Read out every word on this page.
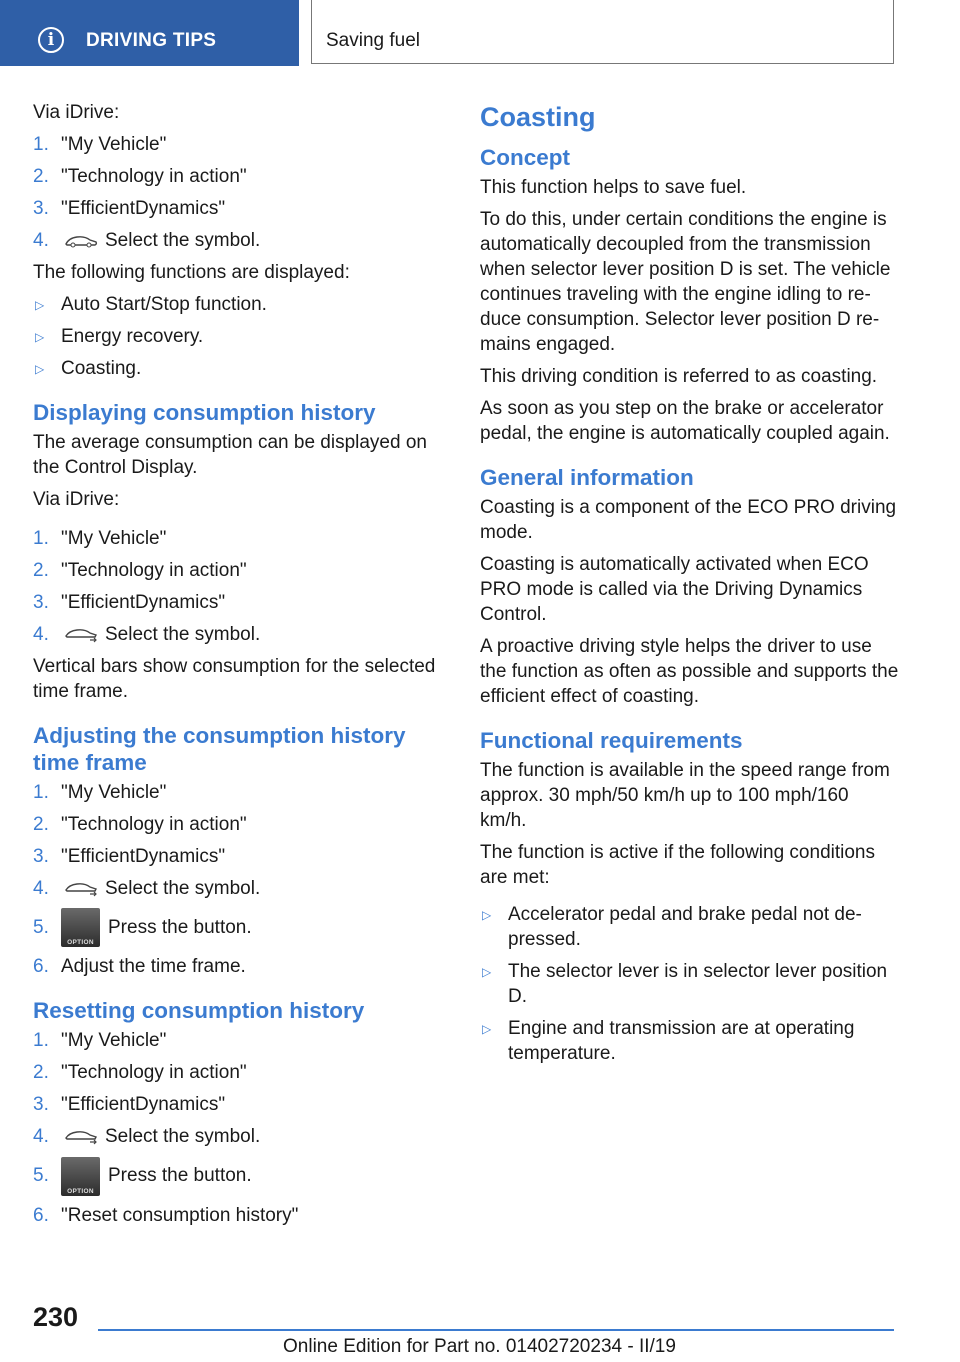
i	DRIVING TIPS	Saving fuel

Via iDrive:

1. "My Vehicle"
2. "Technology in action"
3. "EfficientDynamics"
4.	Select the symbol.

The following functions are displayed:

▷ Auto Start/Stop function.
▷ Energy recovery.
▷ Coasting.
Displaying consumption history

The average consumption can be displayed on the Control Display.

Via iDrive:

1. "My Vehicle"
2. "Technology in action"
3. "EfficientDynamics"
4.	Select the symbol.

Vertical bars show consumption for the selected time frame.

Adjusting the consumption history time frame
1. "My Vehicle"
2. "Technology in action"
3. "EfficientDynamics"
4.	Select the symbol.
5.
OPTION
Press the button.
6. Adjust the time frame.
Resetting consumption history
1. "My Vehicle"
2. "Technology in action"
3. "EfficientDynamics"
4.	Select the symbol.
5.
OPTION
Press the button.
6. "Reset consumption history"
Coasting
Concept

This function helps to save fuel.

To do this, under certain conditions the engine is automatically decoupled from the transmission when selector lever position D is set. The vehicle continues traveling with the engine idling to reduce consumption. Selector lever position D remains engaged.

This driving condition is referred to as coasting.

As soon as you step on the brake or accelerator pedal, the engine is automatically coupled again.

General information

Coasting is a component of the ECO PRO driving mode.

Coasting is automatically activated when ECO PRO mode is called via the Driving Dynamics Control.

A proactive driving style helps the driver to use the function as often as possible and supports the efficient effect of coasting.

Functional requirements

The function is available in the speed range from approx. 30 mph/50 km/h up to 100 mph/160 km/h.

The function is active if the following conditions are met:

▷ Accelerator pedal and brake pedal not depressed.
▷ The selector lever is in selector lever position D.
▷ Engine and transmission are at operating temperature.
230
Online Edition for Part no. 01402720234 - II/19
